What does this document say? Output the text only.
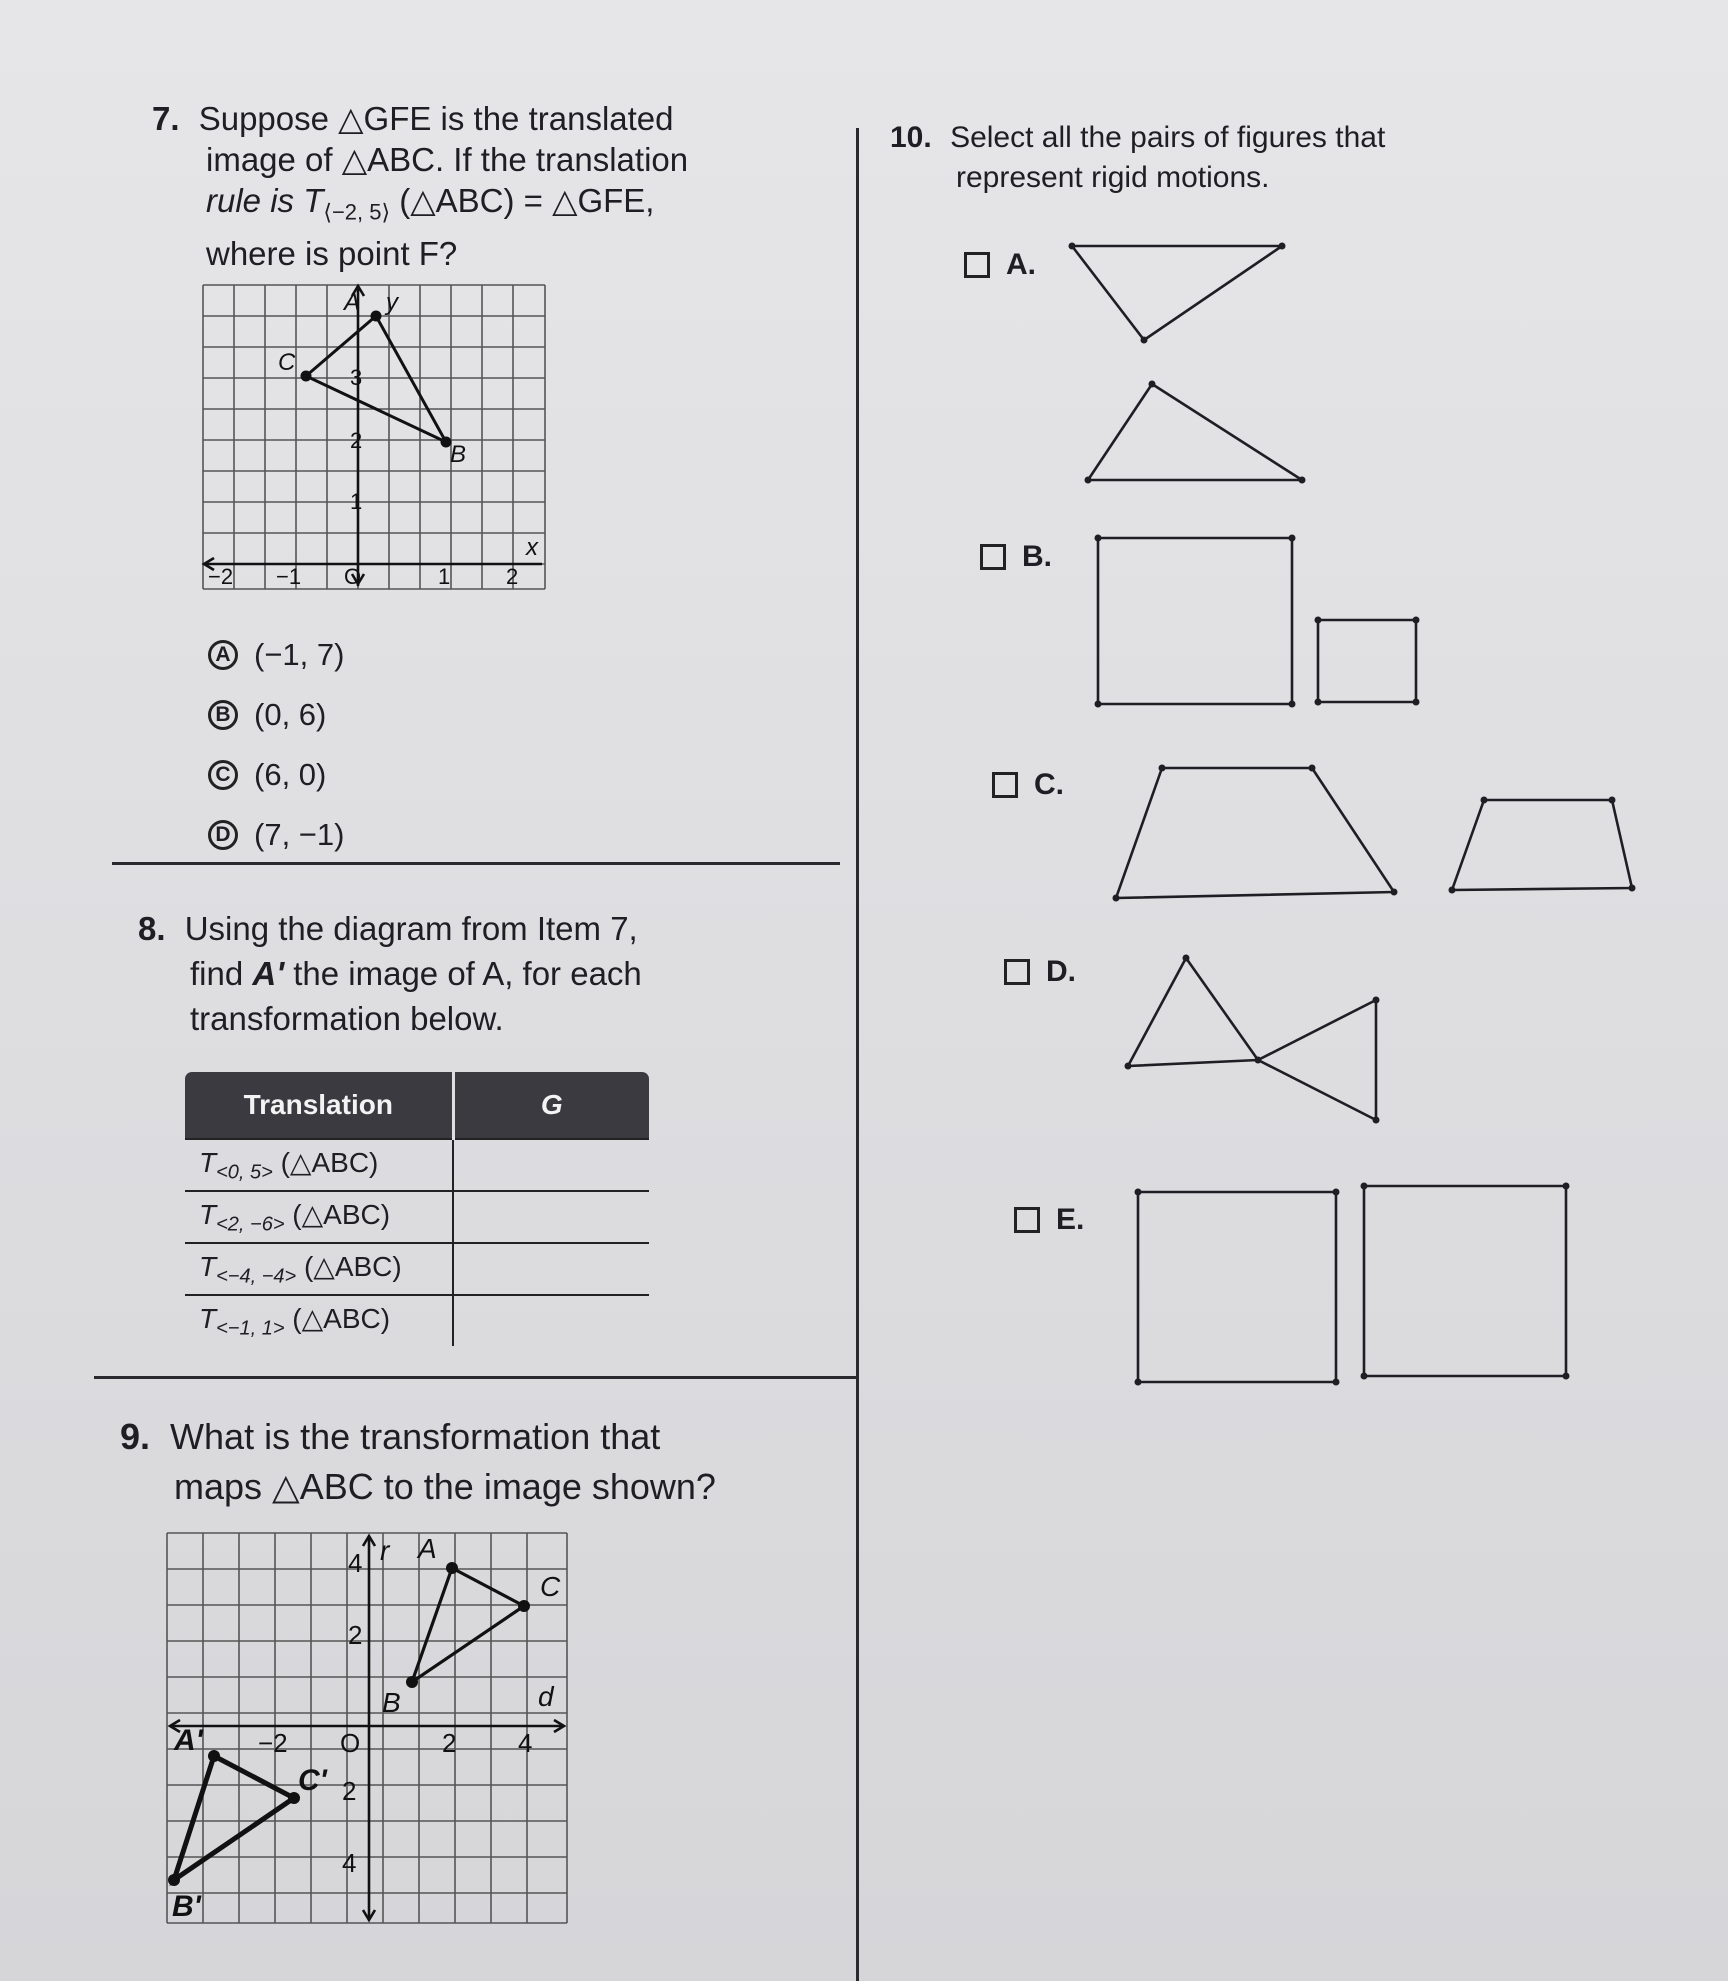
7. Suppose △GFE is the translated
image of △ABC. If the translation
rule is $T_{⟨-2, 5⟩}$ (△ABC) = △GFE,
where is point F?
A y
C
B
x
3
2
1
−2 −1 O	1	2
A (−1, 7)
B (0, 6)
C (6, 0)
D (7, −1)
8. Using the diagram from Item 7,
find A' the image of A, for each
transformation below.
Translation	G
$T_{<0, 5>}$ (△ABC)	
$T_{<2, -6>}$ (△ABC)	
$T_{<-4, -4>}$ (△ABC)	
$T_{<-1, 1>}$ (△ABC)	
9. What is the transformation that
maps △ABC to the image shown?
A
r
C
B	d
A'
C'
B'
4
2
2
4
−2 O	2 4
10. Select all the pairs of figures that
represent rigid motions.
A.
B.
C.
D.
E.
